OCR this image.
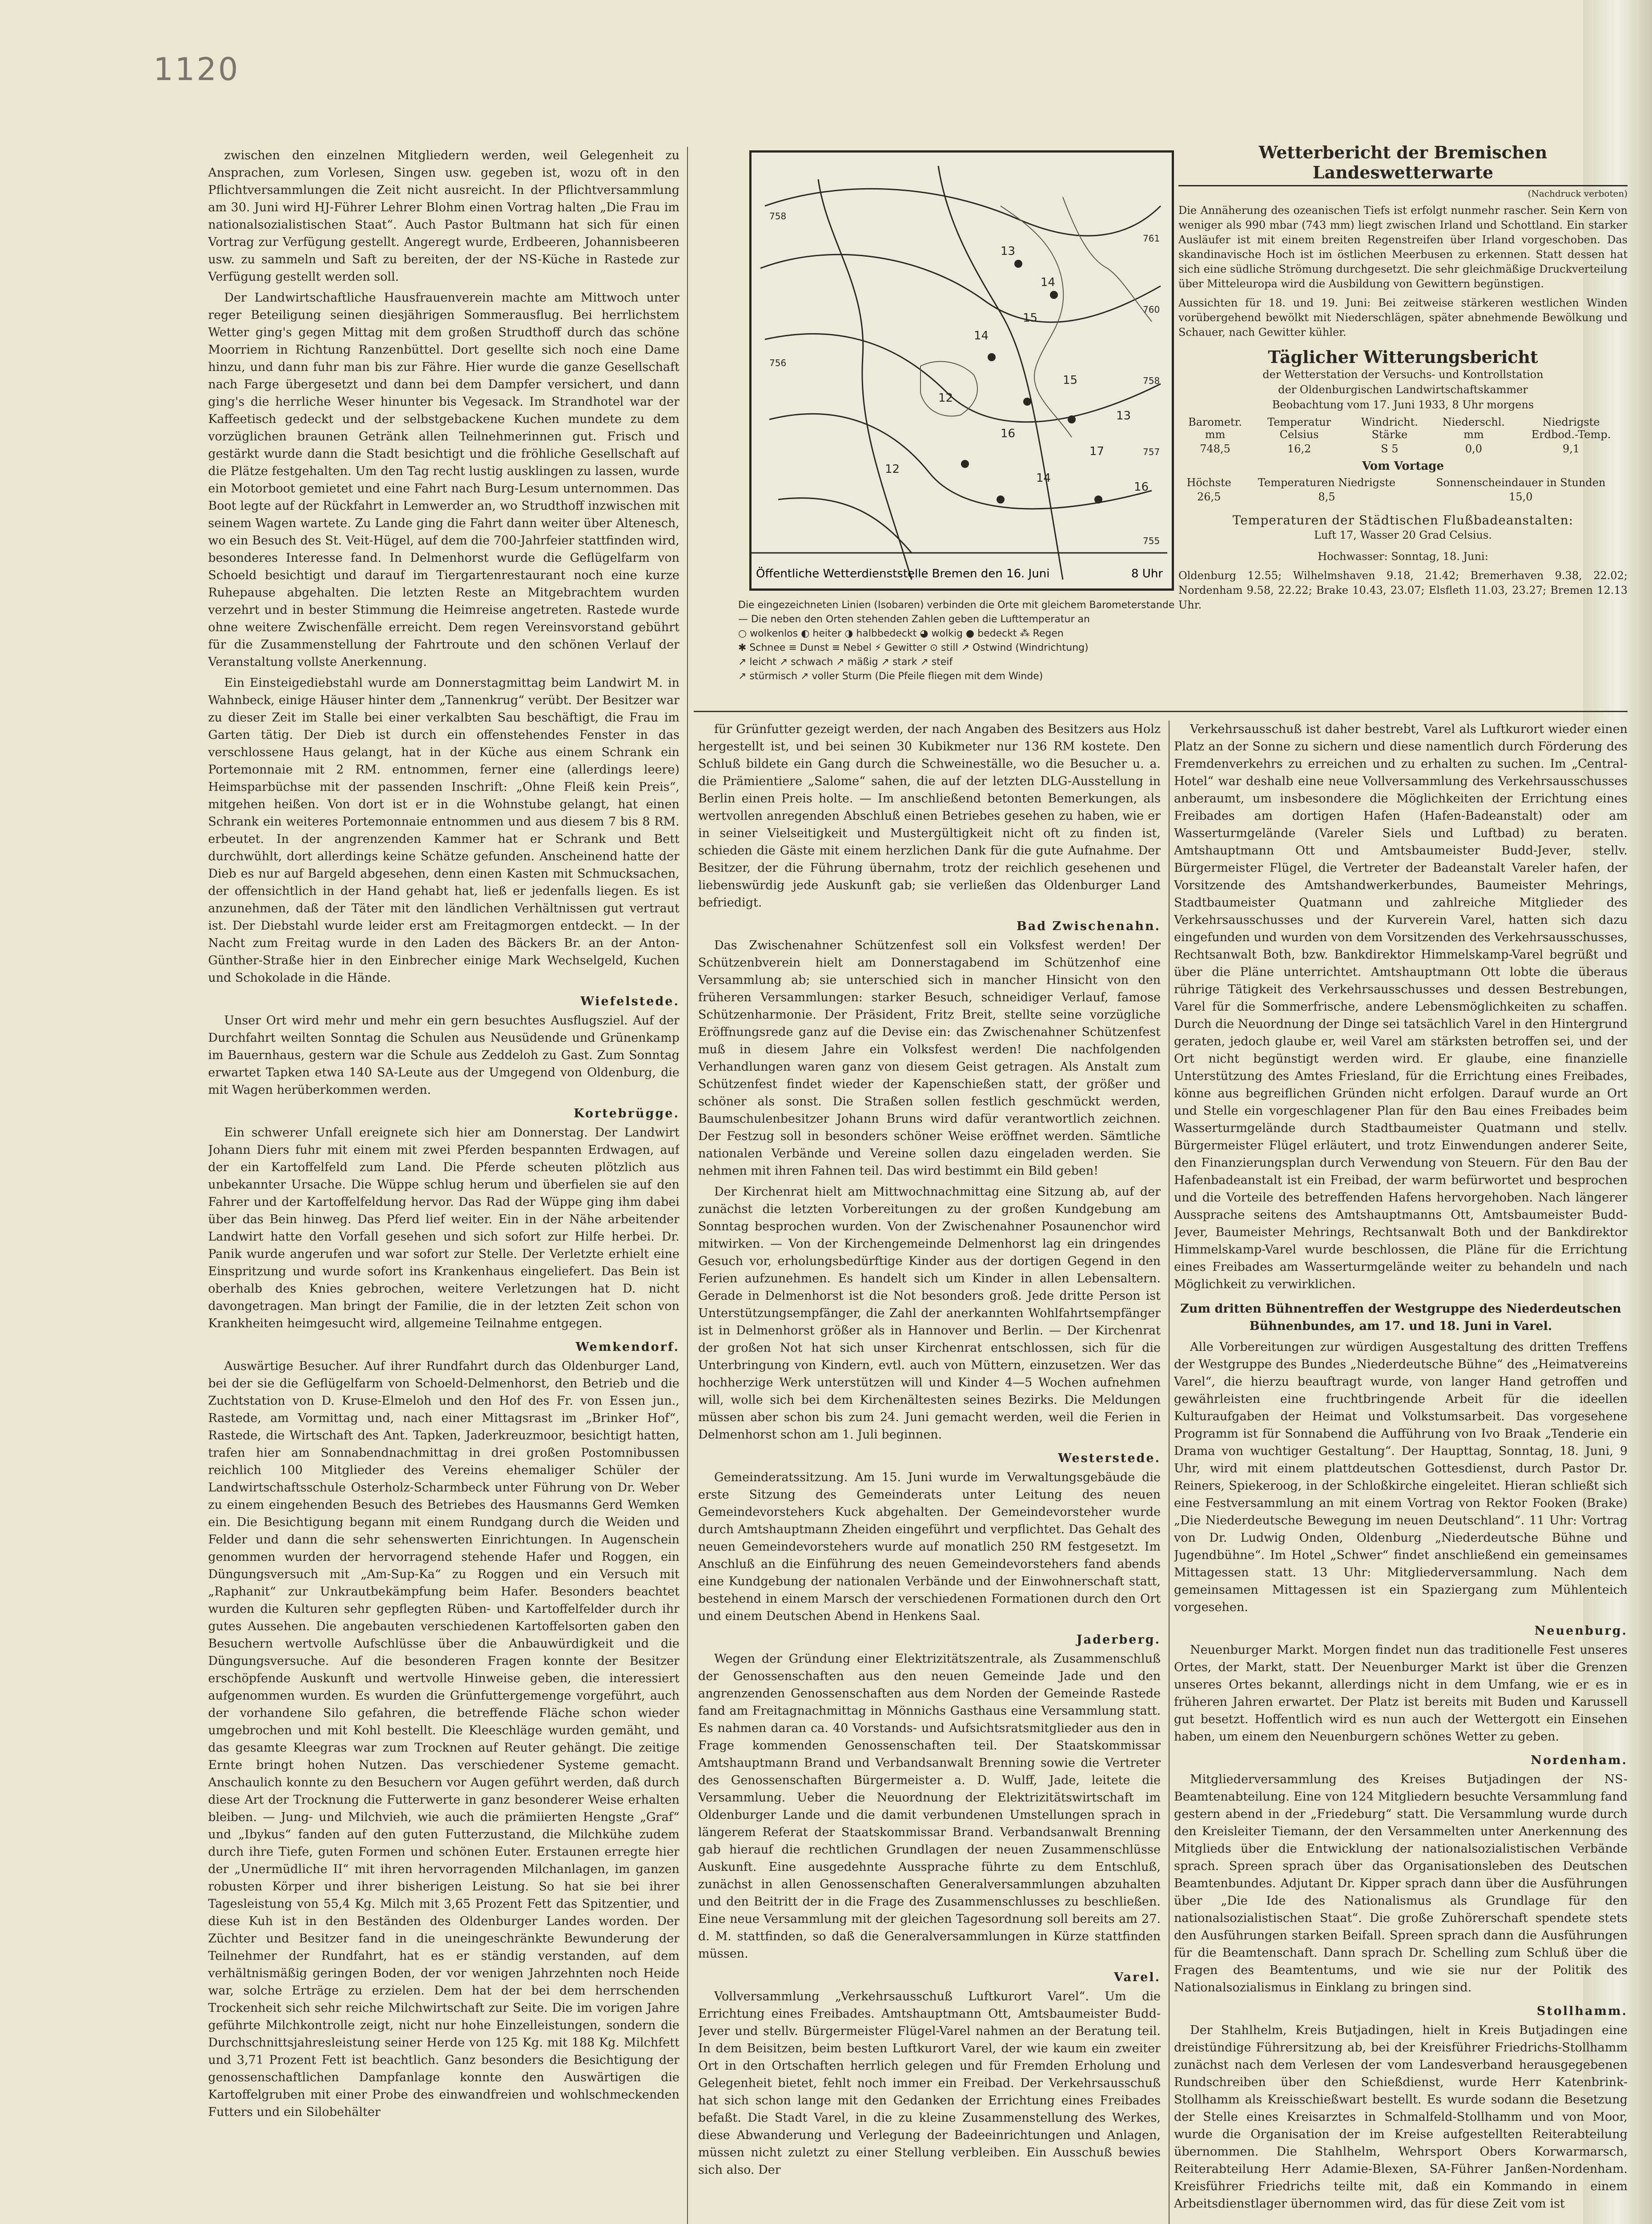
1120

zwischen den einzelnen Mitgliedern werden, weil Gelegenheit zu Ansprachen, zum Vorlesen, Singen usw. gegeben ist, wozu oft in den Pflichtversammlungen die Zeit nicht ausreicht. In der Pflichtversammlung am 30. Juni wird HJ-Führer Lehrer Blohm einen Vortrag halten „Die Frau im nationalsozialistischen Staat“. Auch Pastor Bultmann hat sich für einen Vortrag zur Verfügung gestellt. Angeregt wurde, Erdbeeren, Johannisbeeren usw. zu sammeln und Saft zu bereiten, der der NS-Küche in Rastede zur Verfügung gestellt werden soll.

Der Landwirtschaftliche Hausfrauenverein machte am Mittwoch unter reger Beteiligung seinen diesjährigen Sommerausflug. Bei herrlichstem Wetter ging's gegen Mittag mit dem großen Strudthoff durch das schöne Moorriem in Richtung Ranzenbüttel. Dort gesellte sich noch eine Dame hinzu, und dann fuhr man bis zur Fähre. Hier wurde die ganze Gesellschaft nach Farge übergesetzt und dann bei dem Dampfer versichert, und dann ging's die herrliche Weser hinunter bis Vegesack. Im Strandhotel war der Kaffeetisch gedeckt und der selbstgebackene Kuchen mundete zu dem vorzüglichen braunen Getränk allen Teilnehmerinnen gut. Frisch und gestärkt wurde dann die Stadt besichtigt und die fröhliche Gesellschaft auf die Plätze festgehalten. Um den Tag recht lustig ausklingen zu lassen, wurde ein Motorboot gemietet und eine Fahrt nach Burg-Lesum unternommen. Das Boot legte auf der Rückfahrt in Lemwerder an, wo Strudthoff inzwischen mit seinem Wagen wartete. Zu Lande ging die Fahrt dann weiter über Altenesch, wo ein Besuch des St. Veit-Hügel, auf dem die 700-Jahrfeier stattfinden wird, besonderes Interesse fand. In Delmenhorst wurde die Geflügelfarm von Schoeld besichtigt und darauf im Tiergartenrestaurant noch eine kurze Ruhepause abgehalten. Die letzten Reste an Mitgebrachtem wurden verzehrt und in bester Stimmung die Heimreise angetreten. Rastede wurde ohne weitere Zwischenfälle erreicht. Dem regen Vereinsvorstand gebührt für die Zusammenstellung der Fahrtroute und den schönen Verlauf der Veranstaltung vollste Anerkennung.

Ein Einsteigediebstahl wurde am Donnerstagmittag beim Landwirt M. in Wahnbeck, einige Häuser hinter dem „Tannenkrug“ verübt. Der Besitzer war zu dieser Zeit im Stalle bei einer verkalbten Sau beschäftigt, die Frau im Garten tätig. Der Dieb ist durch ein offenstehendes Fenster in das verschlossene Haus gelangt, hat in der Küche aus einem Schrank ein Portemonnaie mit 2 RM. entnommen, ferner eine (allerdings leere) Heimsparbüchse mit der passenden Inschrift: „Ohne Fleiß kein Preis“, mitgehen heißen. Von dort ist er in die Wohnstube gelangt, hat einen Schrank ein weiteres Portemonnaie entnommen und aus diesem 7 bis 8 RM. erbeutet. In der angrenzenden Kammer hat er Schrank und Bett durchwühlt, dort allerdings keine Schätze gefunden. Anscheinend hatte der Dieb es nur auf Bargeld abgesehen, denn einen Kasten mit Schmucksachen, der offensichtlich in der Hand gehabt hat, ließ er jedenfalls liegen. Es ist anzunehmen, daß der Täter mit den ländlichen Verhältnissen gut vertraut ist. Der Diebstahl wurde leider erst am Freitagmorgen entdeckt. — In der Nacht zum Freitag wurde in den Laden des Bäckers Br. an der Anton-Günther-Straße hier in den Einbrecher einige Mark Wechselgeld, Kuchen und Schokolade in die Hände.

Wiefelstede.

Unser Ort wird mehr und mehr ein gern besuchtes Ausflugsziel. Auf der Durchfahrt weilten Sonntag die Schulen aus Neusüdende und Grünenkamp im Bauernhaus, gestern war die Schule aus Zeddeloh zu Gast. Zum Sonntag erwartet Tapken etwa 140 SA-Leute aus der Umgegend von Oldenburg, die mit Wagen herüberkommen werden.

Kortebrügge.

Ein schwerer Unfall ereignete sich hier am Donnerstag. Der Landwirt Johann Diers fuhr mit einem mit zwei Pferden bespannten Erdwagen, auf der ein Kartoffelfeld zum Land. Die Pferde scheuten plötzlich aus unbekannter Ursache. Die Wüppe schlug herum und überfielen sie auf den Fahrer und der Kartoffelfeldung hervor. Das Rad der Wüppe ging ihm dabei über das Bein hinweg. Das Pferd lief weiter. Ein in der Nähe arbeitender Landwirt hatte den Vorfall gesehen und sich sofort zur Hilfe herbei. Dr. Panik wurde angerufen und war sofort zur Stelle. Der Verletzte erhielt eine Einspritzung und wurde sofort ins Krankenhaus eingeliefert. Das Bein ist oberhalb des Knies gebrochen, weitere Verletzungen hat D. nicht davongetragen. Man bringt der Familie, die in der letzten Zeit schon von Krankheiten heimgesucht wird, allgemeine Teilnahme entgegen.

Wemkendorf.

Auswärtige Besucher. Auf ihrer Rundfahrt durch das Oldenburger Land, bei der sie die Geflügelfarm von Schoeld-Delmenhorst, den Betrieb und die Zuchtstation von D. Kruse-Elmeloh und den Hof des Fr. von Essen jun., Rastede, am Vormittag und, nach einer Mittagsrast im „Brinker Hof“, Rastede, die Wirtschaft des Ant. Tapken, Jaderkreuzmoor, besichtigt hatten, trafen hier am Sonnabendnachmittag in drei großen Postomnibussen reichlich 100 Mitglieder des Vereins ehemaliger Schüler der Landwirtschaftsschule Osterholz-Scharmbeck unter Führung von Dr. Weber zu einem eingehenden Besuch des Betriebes des Hausmanns Gerd Wemken ein. Die Besichtigung begann mit einem Rundgang durch die Weiden und Felder und dann die sehr sehenswerten Einrichtungen. In Augenschein genommen wurden der hervorragend stehende Hafer und Roggen, ein Düngungsversuch mit „Am-Sup-Ka“ zu Roggen und ein Versuch mit „Raphanit“ zur Unkrautbekämpfung beim Hafer. Besonders beachtet wurden die Kulturen sehr gepflegten Rüben- und Kartoffelfelder durch ihr gutes Aussehen. Die angebauten verschiedenen Kartoffelsorten gaben den Besuchern wertvolle Aufschlüsse über die Anbauwürdigkeit und die Düngungsversuche. Auf die besonderen Fragen konnte der Besitzer erschöpfende Auskunft und wertvolle Hinweise geben, die interessiert aufgenommen wurden. Es wurden die Grünfuttergemenge vorgeführt, auch der vorhandene Silo gefahren, die betreffende Fläche schon wieder umgebrochen und mit Kohl bestellt. Die Kleeschläge wurden gemäht, und das gesamte Kleegras war zum Trocknen auf Reuter gehängt. Die zeitige Ernte bringt hohen Nutzen. Das verschiedener Systeme gemacht. Anschaulich konnte zu den Besuchern vor Augen geführt werden, daß durch diese Art der Trocknung die Futterwerte in ganz besonderer Weise erhalten bleiben. — Jung- und Milchvieh, wie auch die prämiierten Hengste „Graf“ und „Ibykus“ fanden auf den guten Futterzustand, die Milchkühe zudem durch ihre Tiefe, guten Formen und schönen Euter. Erstaunen erregte hier der „Unermüdliche II“ mit ihren hervorragenden Milchanlagen, im ganzen robusten Körper und ihrer bisherigen Leistung. So hat sie bei ihrer Tagesleistung von 55,4 Kg. Milch mit 3,65 Prozent Fett das Spitzentier, und diese Kuh ist in den Beständen des Oldenburger Landes worden. Der Züchter und Besitzer fand in die uneingeschränkte Bewunderung der Teilnehmer der Rundfahrt, hat es er ständig verstanden, auf dem verhältnismäßig geringen Boden, der vor wenigen Jahrzehnten noch Heide war, solche Erträge zu erzielen. Dem hat der bei dem herrschenden Trockenheit sich sehr reiche Milchwirtschaft zur Seite. Die im vorigen Jahre geführte Milchkontrolle zeigt, nicht nur hohe Einzelleistungen, sondern die Durchschnittsjahresleistung seiner Herde von 125 Kg. mit 188 Kg. Milchfett und 3,71 Prozent Fett ist beachtlich. Ganz besonders die Besichtigung der genossenschaftlichen Dampfanlage konnte den Auswärtigen die Kartoffelgruben mit einer Probe des einwandfreien und wohlschmeckenden Futters und ein Silobehälter

13
14
15
14
15
12
16
17
14
13
16
12
761
760
758
757
755
758
756
Öffentliche Wetterdienststelle Bremen den 16. Juni	8 Uhr
Die eingezeichneten Linien (Isobaren) verbinden die Orte mit gleichem Barometerstande — Die neben den Orten stehenden Zahlen geben die Lufttemperatur an
○ wolkenlos ◐ heiter ◑ halbbedeckt ◕ wolkig ● bedeckt ⁂ Regen
✱ Schnee ≡ Dunst ≡ Nebel ⚡ Gewitter ⊙ still ↗ Ostwind (Windrichtung)
↗ leicht ↗ schwach ↗ mäßig ↗ stark ↗ steif
↗ stürmisch ↗ voller Sturm (Die Pfeile fliegen mit dem Winde)
Wetterbericht der Bremischen Landeswetterwarte
(Nachdruck verboten)
Die Annäherung des ozeanischen Tiefs ist erfolgt nunmehr rascher. Sein Kern von weniger als 990 mbar (743 mm) liegt zwischen Irland und Schottland. Ein starker Ausläufer ist mit einem breiten Regenstreifen über Irland vorgeschoben. Das skandinavische Hoch ist im östlichen Meerbusen zu erkennen. Statt dessen hat sich eine südliche Strömung durchgesetzt. Die sehr gleichmäßige Druckverteilung über Mitteleuropa wird die Ausbildung von Gewittern begünstigen.
Aussichten für 18. und 19. Juni: Bei zeitweise stärkeren westlichen Winden vorübergehend bewölkt mit Niederschlägen, später abnehmende Bewölkung und Schauer, nach Gewitter kühler.
Täglicher Witterungsbericht
der Wetterstation der Versuchs- und Kontrollstation
der Oldenburgischen Landwirtschaftskammer
Beobachtung vom 17. Juni 1933, 8 Uhr morgens
Barometr. mm	Temperatur Celsius	Windricht. Stärke	Niederschl. mm	Niedrigste Erdbod.-Temp.
748,5	16,2	S 5	0,0	9,1
Vom Vortage
Höchste	Temperaturen Niedrigste	Sonnenscheindauer in Stunden
26,5	8,5	15,0
Temperaturen der Städtischen Flußbadeanstalten:
Luft 17, Wasser 20 Grad Celsius.
Hochwasser: Sonntag, 18. Juni:
Oldenburg 12.55; Wilhelmshaven 9.18, 21.42; Bremerhaven 9.38, 22.02; Nordenham 9.58, 22.22; Brake 10.43, 23.07; Elsfleth 11.03, 23.27; Bremen 12.13 Uhr.

für Grünfutter gezeigt werden, der nach Angaben des Besitzers aus Holz hergestellt ist, und bei seinen 30 Kubikmeter nur 136 RM kostete. Den Schluß bildete ein Gang durch die Schweineställe, wo die Besucher u. a. die Prämientiere „Salome“ sahen, die auf der letzten DLG-Ausstellung in Berlin einen Preis holte. — Im anschließend betonten Bemerkungen, als wertvollen anregenden Abschluß einen Betriebes gesehen zu haben, wie er in seiner Vielseitigkeit und Mustergültigkeit nicht oft zu finden ist, schieden die Gäste mit einem herzlichen Dank für die gute Aufnahme. Der Besitzer, der die Führung übernahm, trotz der reichlich gesehenen und liebenswürdig jede Auskunft gab; sie verließen das Oldenburger Land befriedigt.

Bad Zwischenahn.

Das Zwischenahner Schützenfest soll ein Volksfest werden! Der Schützenbverein hielt am Donnerstagabend im Schützenhof eine Versammlung ab; sie unterschied sich in mancher Hinsicht von den früheren Versammlungen: starker Besuch, schneidiger Verlauf, famose Schützenharmonie. Der Präsident, Fritz Breit, stellte seine vorzügliche Eröffnungsrede ganz auf die Devise ein: das Zwischenahner Schützenfest muß in diesem Jahre ein Volksfest werden! Die nachfolgenden Verhandlungen waren ganz von diesem Geist getragen. Als Anstalt zum Schützenfest findet wieder der Kapenschießen statt, der größer und schöner als sonst. Die Straßen sollen festlich geschmückt werden, Baumschulenbesitzer Johann Bruns wird dafür verantwortlich zeichnen. Der Festzug soll in besonders schöner Weise eröffnet werden. Sämtliche nationalen Verbände und Vereine sollen dazu eingeladen werden. Sie nehmen mit ihren Fahnen teil. Das wird bestimmt ein Bild geben!

Der Kirchenrat hielt am Mittwochnachmittag eine Sitzung ab, auf der zunächst die letzten Vorbereitungen zu der großen Kundgebung am Sonntag besprochen wurden. Von der Zwischenahner Posaunenchor wird mitwirken. — Von der Kirchengemeinde Delmenhorst lag ein dringendes Gesuch vor, erholungsbedürftige Kinder aus der dortigen Gegend in den Ferien aufzunehmen. Es handelt sich um Kinder in allen Lebensaltern. Gerade in Delmenhorst ist die Not besonders groß. Jede dritte Person ist Unterstützungsempfänger, die Zahl der anerkannten Wohlfahrtsempfänger ist in Delmenhorst größer als in Hannover und Berlin. — Der Kirchenrat der großen Not hat sich unser Kirchenrat entschlossen, sich für die Unterbringung von Kindern, evtl. auch von Müttern, einzusetzen. Wer das hochherzige Werk unterstützen will und Kinder 4—5 Wochen aufnehmen will, wolle sich bei dem Kirchenältesten seines Bezirks. Die Meldungen müssen aber schon bis zum 24. Juni gemacht werden, weil die Ferien in Delmenhorst schon am 1. Juli beginnen.

Westerstede.

Gemeinderatssitzung. Am 15. Juni wurde im Verwaltungsgebäude die erste Sitzung des Gemeinderats unter Leitung des neuen Gemeindevorstehers Kuck abgehalten. Der Gemeindevorsteher wurde durch Amtshauptmann Zheiden eingeführt und verpflichtet. Das Gehalt des neuen Gemeindevorstehers wurde auf monatlich 250 RM festgesetzt. Im Anschluß an die Einführung des neuen Gemeindevorstehers fand abends eine Kundgebung der nationalen Verbände und der Einwohnerschaft statt, bestehend in einem Marsch der verschiedenen Formationen durch den Ort und einem Deutschen Abend in Henkens Saal.

Jaderberg.

Wegen der Gründung einer Elektrizitätszentrale, als Zusammenschluß der Genossenschaften aus den neuen Gemeinde Jade und den angrenzenden Genossenschaften aus dem Norden der Gemeinde Rastede fand am Freitagnachmittag in Mönnichs Gasthaus eine Versammlung statt. Es nahmen daran ca. 40 Vorstands- und Aufsichtsratsmitglieder aus den in Frage kommenden Genossenschaften teil. Der Staatskommissar Amtshauptmann Brand und Verbandsanwalt Brenning sowie die Vertreter des Genossenschaften Bürgermeister a. D. Wulff, Jade, leitete die Versammlung. Ueber die Neuordnung der Elektrizitätswirtschaft im Oldenburger Lande und die damit verbundenen Umstellungen sprach in längerem Referat der Staatskommissar Brand. Verbandsanwalt Brenning gab hierauf die rechtlichen Grundlagen der neuen Zusammenschlüsse Auskunft. Eine ausgedehnte Aussprache führte zu dem Entschluß, zunächst in allen Genossenschaften Generalversammlungen abzuhalten und den Beitritt der in die Frage des Zusammenschlusses zu beschließen. Eine neue Versammlung mit der gleichen Tagesordnung soll bereits am 27. d. M. stattfinden, so daß die Generalversammlungen in Kürze stattfinden müssen.

Varel.

Vollversammlung „Verkehrsausschuß Luftkurort Varel“. Um die Errichtung eines Freibades. Amtshauptmann Ott, Amtsbaumeister Budd-Jever und stellv. Bürgermeister Flügel-Varel nahmen an der Beratung teil. In dem Beisitzen, beim besten Luftkurort Varel, der wie kaum ein zweiter Ort in den Ortschaften herrlich gelegen und für Fremden Erholung und Gelegenheit bietet, fehlt noch immer ein Freibad. Der Verkehrsausschuß hat sich schon lange mit den Gedanken der Errichtung eines Freibades befaßt. Die Stadt Varel, in die zu kleine Zusammenstellung des Werkes, diese Abwanderung und Verlegung der Badeeinrichtungen und Anlagen, müssen nicht zuletzt zu einer Stellung verbleiben. Ein Ausschuß bewies sich also. Der

Verkehrsausschuß ist daher bestrebt, Varel als Luftkurort wieder einen Platz an der Sonne zu sichern und diese namentlich durch Förderung des Fremdenverkehrs zu erreichen und zu erhalten zu suchen. Im „Central-Hotel“ war deshalb eine neue Vollversammlung des Verkehrsausschusses anberaumt, um insbesondere die Möglichkeiten der Errichtung eines Freibades am dortigen Hafen (Hafen-Badeanstalt) oder am Wasserturmgelände (Vareler Siels und Luftbad) zu beraten. Amtshauptmann Ott und Amtsbaumeister Budd-Jever, stellv. Bürgermeister Flügel, die Vertreter der Badeanstalt Vareler hafen, der Vorsitzende des Amtshandwerkerbundes, Baumeister Mehrings, Stadtbaumeister Quatmann und zahlreiche Mitglieder des Verkehrsausschusses und der Kurverein Varel, hatten sich dazu eingefunden und wurden von dem Vorsitzenden des Verkehrsausschusses, Rechtsanwalt Both, bzw. Bankdirektor Himmelskamp-Varel begrüßt und über die Pläne unterrichtet. Amtshauptmann Ott lobte die überaus rührige Tätigkeit des Verkehrsausschusses und dessen Bestrebungen, Varel für die Sommerfrische, andere Lebensmöglichkeiten zu schaffen. Durch die Neuordnung der Dinge sei tatsächlich Varel in den Hintergrund geraten, jedoch glaube er, weil Varel am stärksten betroffen sei, und der Ort nicht begünstigt werden wird. Er glaube, eine finanzielle Unterstützung des Amtes Friesland, für die Errichtung eines Freibades, könne aus begreiflichen Gründen nicht erfolgen. Darauf wurde an Ort und Stelle ein vorgeschlagener Plan für den Bau eines Freibades beim Wasserturmgelände durch Stadtbaumeister Quatmann und stellv. Bürgermeister Flügel erläutert, und trotz Einwendungen anderer Seite, den Finanzierungsplan durch Verwendung von Steuern. Für den Bau der Hafenbadeanstalt ist ein Freibad, der warm befürwortet und besprochen und die Vorteile des betreffenden Hafens hervorgehoben. Nach längerer Aussprache seitens des Amtshauptmanns Ott, Amtsbaumeister Budd-Jever, Baumeister Mehrings, Rechtsanwalt Both und der Bankdirektor Himmelskamp-Varel wurde beschlossen, die Pläne für die Errichtung eines Freibades am Wasserturmgelände weiter zu behandeln und nach Möglichkeit zu verwirklichen.

Zum dritten Bühnentreffen der Westgruppe des Niederdeutschen Bühnenbundes, am 17. und 18. Juni in Varel.

Alle Vorbereitungen zur würdigen Ausgestaltung des dritten Treffens der Westgruppe des Bundes „Niederdeutsche Bühne“ des „Heimatvereins Varel“, die hierzu beauftragt wurde, von langer Hand getroffen und gewährleisten eine fruchtbringende Arbeit für die ideellen Kulturaufgaben der Heimat und Volkstumsarbeit. Das vorgesehene Programm ist für Sonnabend die Aufführung von Ivo Braak „Tenderie ein Drama von wuchtiger Gestaltung“. Der Haupttag, Sonntag, 18. Juni, 9 Uhr, wird mit einem plattdeutschen Gottesdienst, durch Pastor Dr. Reiners, Spiekeroog, in der Schloßkirche eingeleitet. Hieran schließt sich eine Festversammlung an mit einem Vortrag von Rektor Fooken (Brake) „Die Niederdeutsche Bewegung im neuen Deutschland“. 11 Uhr: Vortrag von Dr. Ludwig Onden, Oldenburg „Niederdeutsche Bühne und Jugendbühne“. Im Hotel „Schwer“ findet anschließend ein gemeinsames Mittagessen statt. 13 Uhr: Mitgliederversammlung. Nach dem gemeinsamen Mittagessen ist ein Spaziergang zum Mühlenteich vorgesehen.

Neuenburg.

Neuenburger Markt. Morgen findet nun das traditionelle Fest unseres Ortes, der Markt, statt. Der Neuenburger Markt ist über die Grenzen unseres Ortes bekannt, allerdings nicht in dem Umfang, wie er es in früheren Jahren erwartet. Der Platz ist bereits mit Buden und Karussell gut besetzt. Hoffentlich wird es nun auch der Wettergott ein Einsehen haben, um einem den Neuenburgern schönes Wetter zu geben.

Nordenham.

Mitgliederversammlung des Kreises Butjadingen der NS-Beamtenabteilung. Eine von 124 Mitgliedern besuchte Versammlung fand gestern abend in der „Friedeburg“ statt. Die Versammlung wurde durch den Kreisleiter Tiemann, der den Versammelten unter Anerkennung des Mitglieds über die Entwicklung der nationalsozialistischen Verbände sprach. Spreen sprach über das Organisationsleben des Deutschen Beamtenbundes. Adjutant Dr. Kipper sprach dann über die Ausführungen über „Die Ide des Nationalismus als Grundlage für den nationalsozialistischen Staat“. Die große Zuhörerschaft spendete stets den Ausführungen starken Beifall. Spreen sprach dann die Ausführungen für die Beamtenschaft. Dann sprach Dr. Schelling zum Schluß über die Fragen des Beamtentums, und wie sie nur der Politik des Nationalsozialismus in Einklang zu bringen sind.

Stollhamm.

Der Stahlhelm, Kreis Butjadingen, hielt in Kreis Butjadingen eine dreistündige Führersitzung ab, bei der Kreisführer Friedrichs-Stollhamm zunächst nach dem Verlesen der vom Landesverband herausgegebenen Rundschreiben über den Schießdienst, wurde Herr Katenbrink-Stollhamm als Kreisschießwart bestellt. Es wurde sodann die Besetzung der Stelle eines Kreisarztes in Schmalfeld-Stollhamm und von Moor, wurde die Organisation der im Kreise aufgestellten Reiterabteilung übernommen. Die Stahlhelm, Wehrsport Obers Korwarmarsch, Reiterabteilung Herr Adamie-Blexen, SA-Führer Janßen-Nordenham. Kreisführer Friedrichs teilte mit, daß ein Kommando in einem Arbeitsdienstlager übernommen wird, das für diese Zeit vom ist
